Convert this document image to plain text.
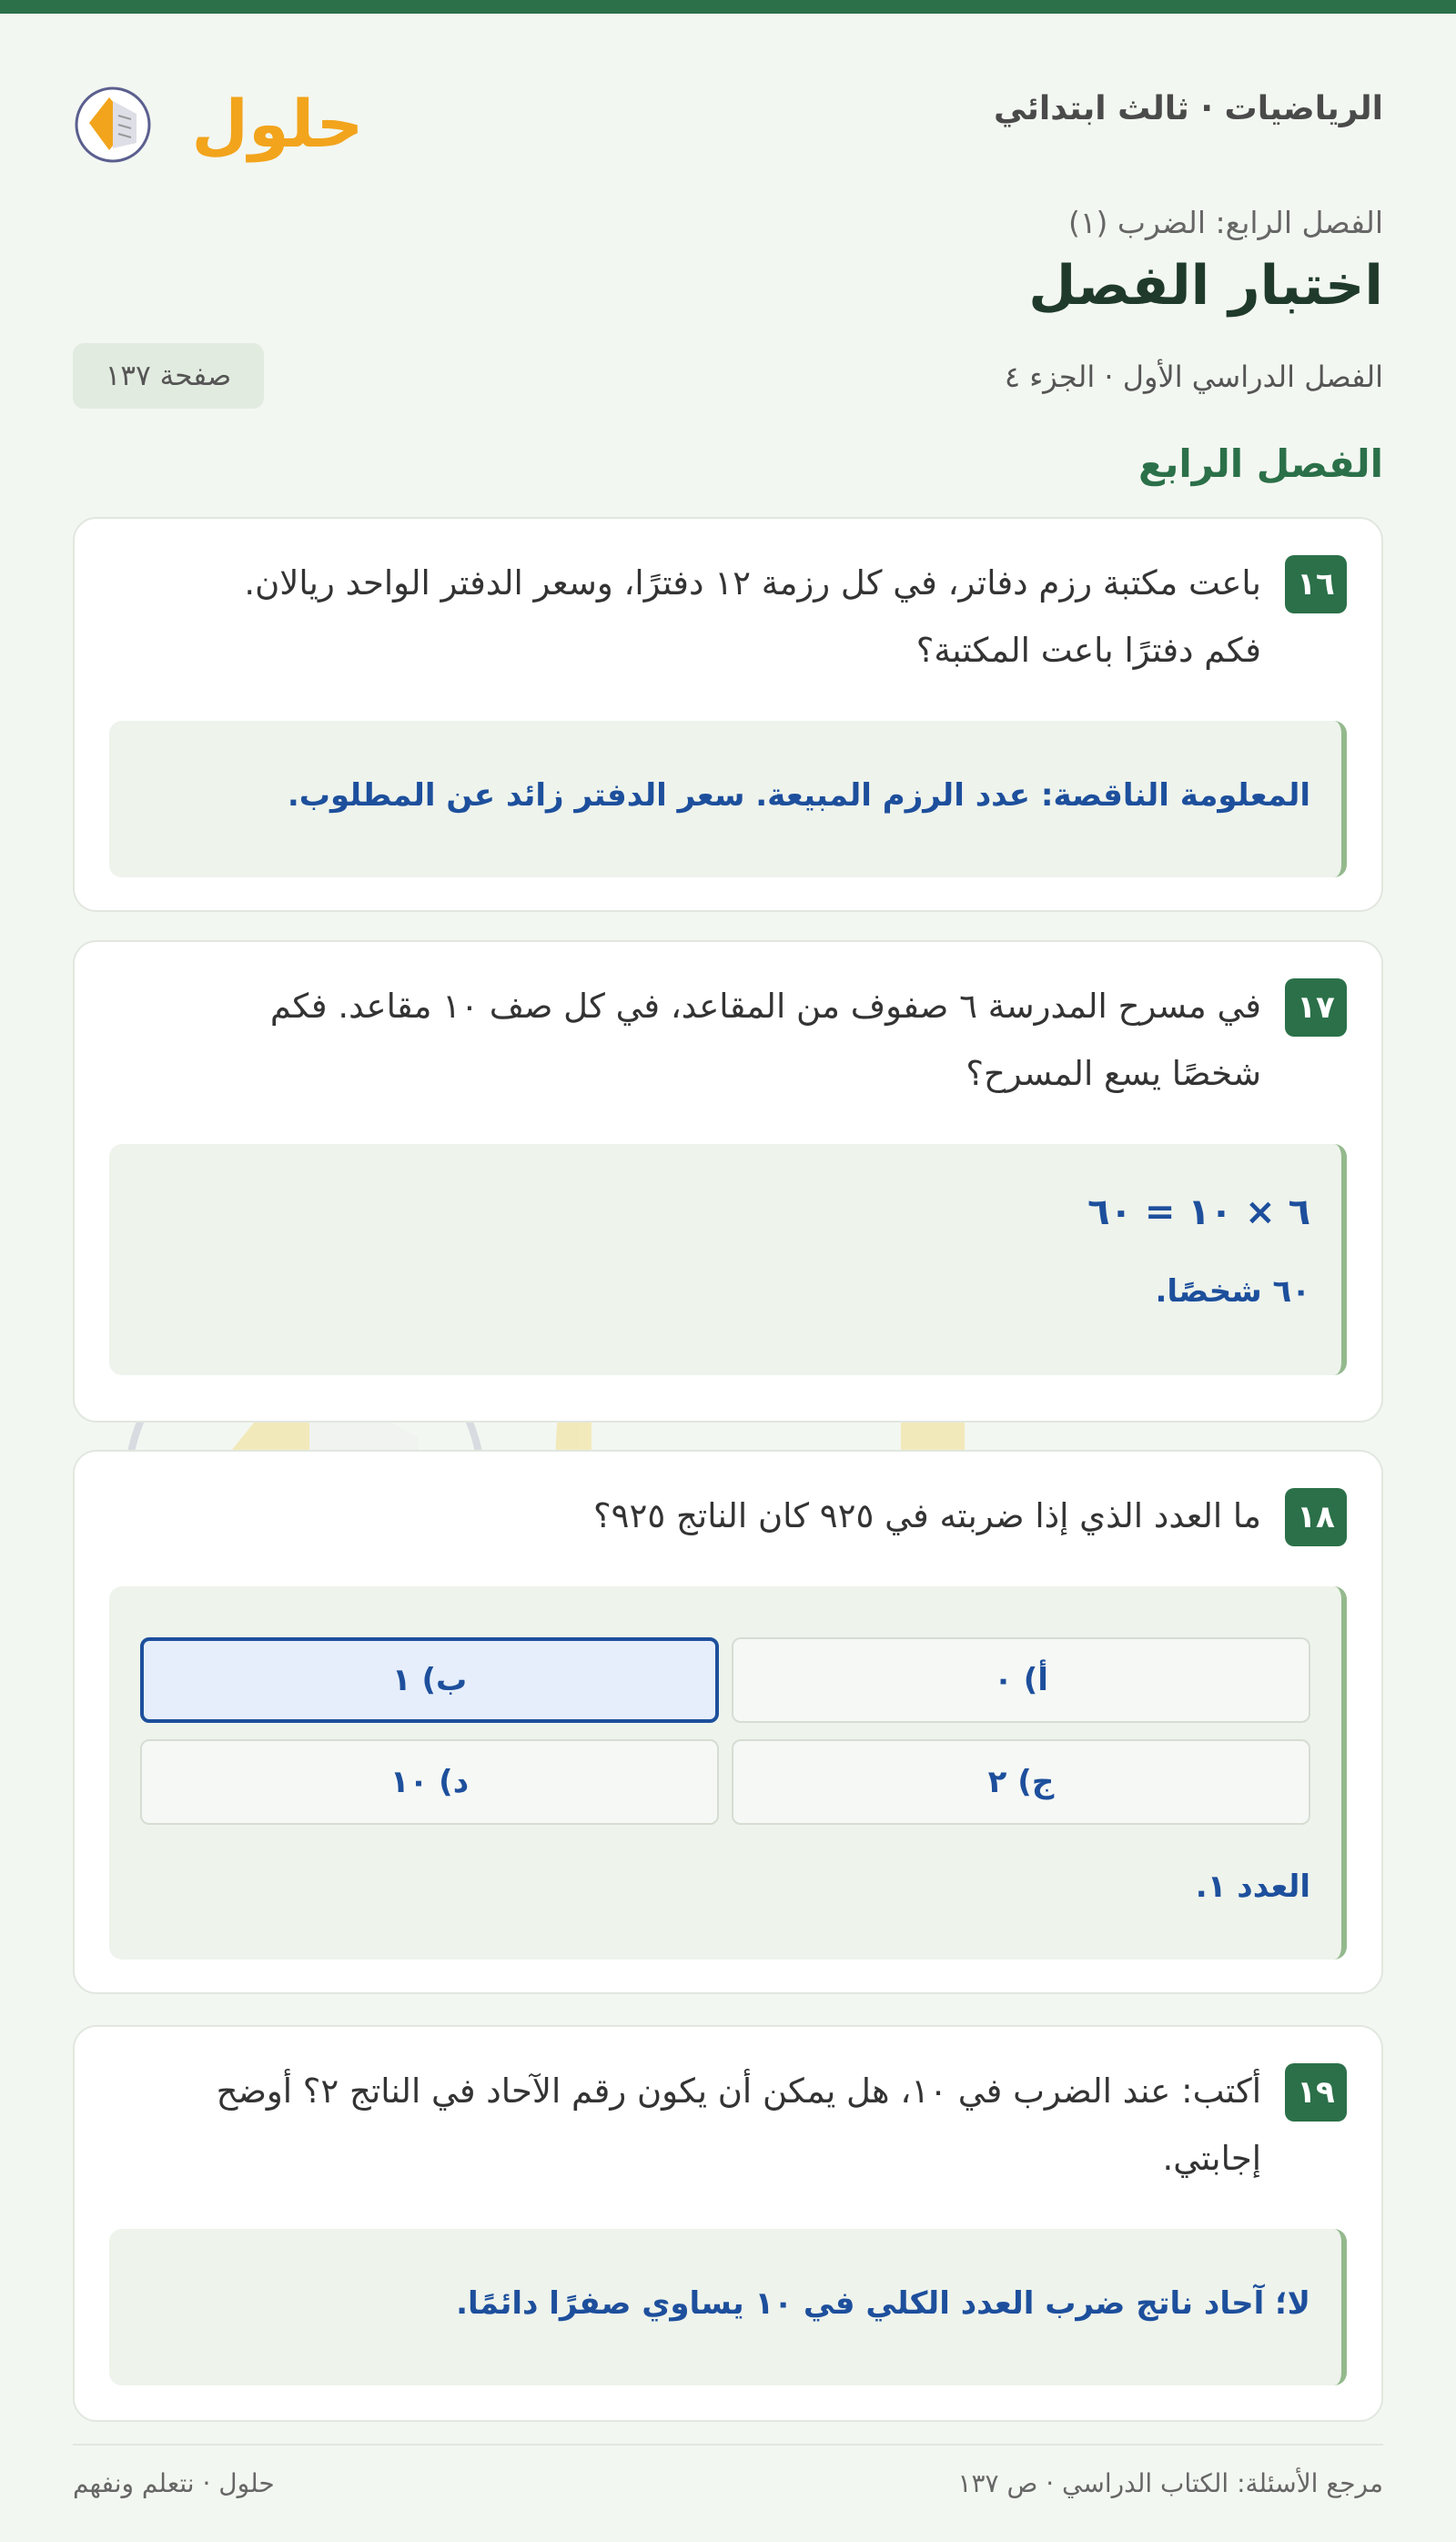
الرياضيات · ثالث ابتدائي
حلول
الفصل الرابع: الضرب (١)
اختبار الفصل
الفصل الدراسي الأول · الجزء ٤
صفحة ١٣٧
الفصل الرابع
١٦
باعت مكتبة رزم دفاتر، في كل رزمة ١٢ دفترًا، وسعر الدفتر الواحد ريالان. فكم دفترًا باعت المكتبة؟
المعلومة الناقصة: عدد الرزم المبيعة. سعر الدفتر زائد عن المطلوب.
١٧
في مسرح المدرسة ٦ صفوف من المقاعد، في كل صف ١٠ مقاعد. فكم شخصًا يسع المسرح؟
٦ × ١٠ = ٦٠
٦٠ شخصًا.
١٨
ما العدد الذي إذا ضربته في ٩٢٥ كان الناتج ٩٢٥؟
أ) ٠
ب) ١
ج) ٢
د) ١٠
العدد ١.
١٩
أكتب: عند الضرب في ١٠، هل يمكن أن يكون رقم الآحاد في الناتج ٢؟ أوضح إجابتي.
لا؛ آحاد ناتج ضرب العدد الكلي في ١٠ يساوي صفرًا دائمًا.
مرجع الأسئلة: الكتاب الدراسي · ص ١٣٧
حلول · نتعلم ونفهم
